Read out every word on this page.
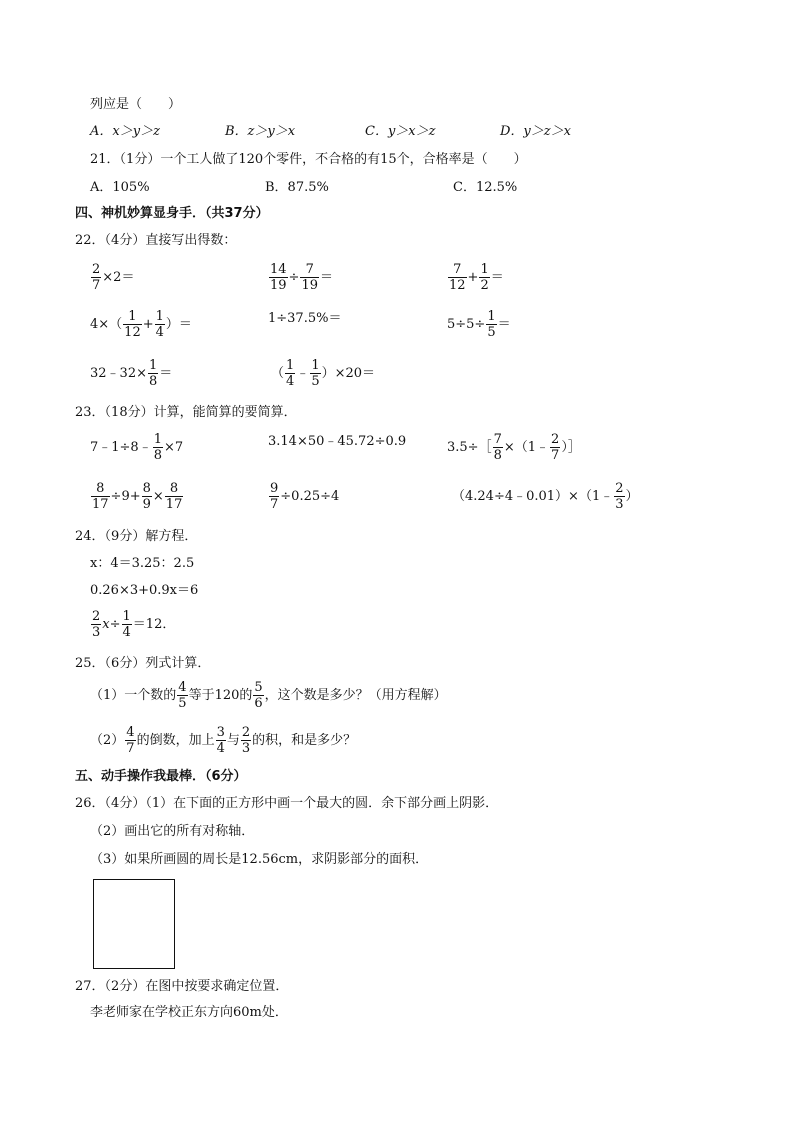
列应是（　　）
A．x＞y＞z	B．z＞y＞x	C．y＞x＞z	D．y＞z＞x
21．（1分）一个工人做了120个零件，不合格的有15个，合格率是（　　）
A．105%	B．87.5%	C．12.5%
四、神机妙算显身手．（共37分）
22．（4分）直接写出得数：
$\frac{2}{7} \times 2=$	$\frac{14}{19} \div \frac{7}{19}$ ＝	$\frac{7}{12} + \frac{1}{2}$ ＝
$4\times( \frac{1}{12} + \frac{1}{4}$ ）＝	1÷37.5%＝	$5\div 5\div \frac{1}{5}$ ＝
32﹣32× $\frac{1}{8}$ ＝	（ $\frac{1}{4}$ ﹣ $\frac{1}{5} )\times 20=$
23．（18分）计算，能简算的要简算．
7﹣1÷8﹣ $\frac{1}{8} \times 7$	3.14×50﹣45.72÷0.9	3.5÷［ $\frac{7}{8}$ ×（1﹣ $\frac{2}{7}$ ）］
$\frac{8}{17} \div 9+ \frac{8}{9} \times \frac{8}{17}$	$\frac{9}{7} \div 0.25\div 4$	（4.24÷4﹣0.01）×（1﹣ $\frac{2}{3}$ ）
24．（9分）解方程．
x：4＝3.25：2.5
0.26×3+0.9x＝6
$\frac{2}{3} x\div \frac{1}{4} =12$．
25．（6分）列式计算．
（1）一个数的 $\frac{4}{5}$ 等于120的 $\frac{5}{6}$ ，这个数是多少？（用方程解）
$(2) \frac{4}{7}$ 的倒数，加上 $\frac{3}{4}$ 与 $\frac{2}{3}$ 的积，和是多少？
五、动手操作我最棒．（6分）
26．（4分）（1）在下面的正方形中画一个最大的圆．余下部分画上阴影．
（2）画出它的所有对称轴．
（3）如果所画圆的周长是12.56cm，求阴影部分的面积．
27．（2分）在图中按要求确定位置．
李老师家在学校正东方向60m处．
